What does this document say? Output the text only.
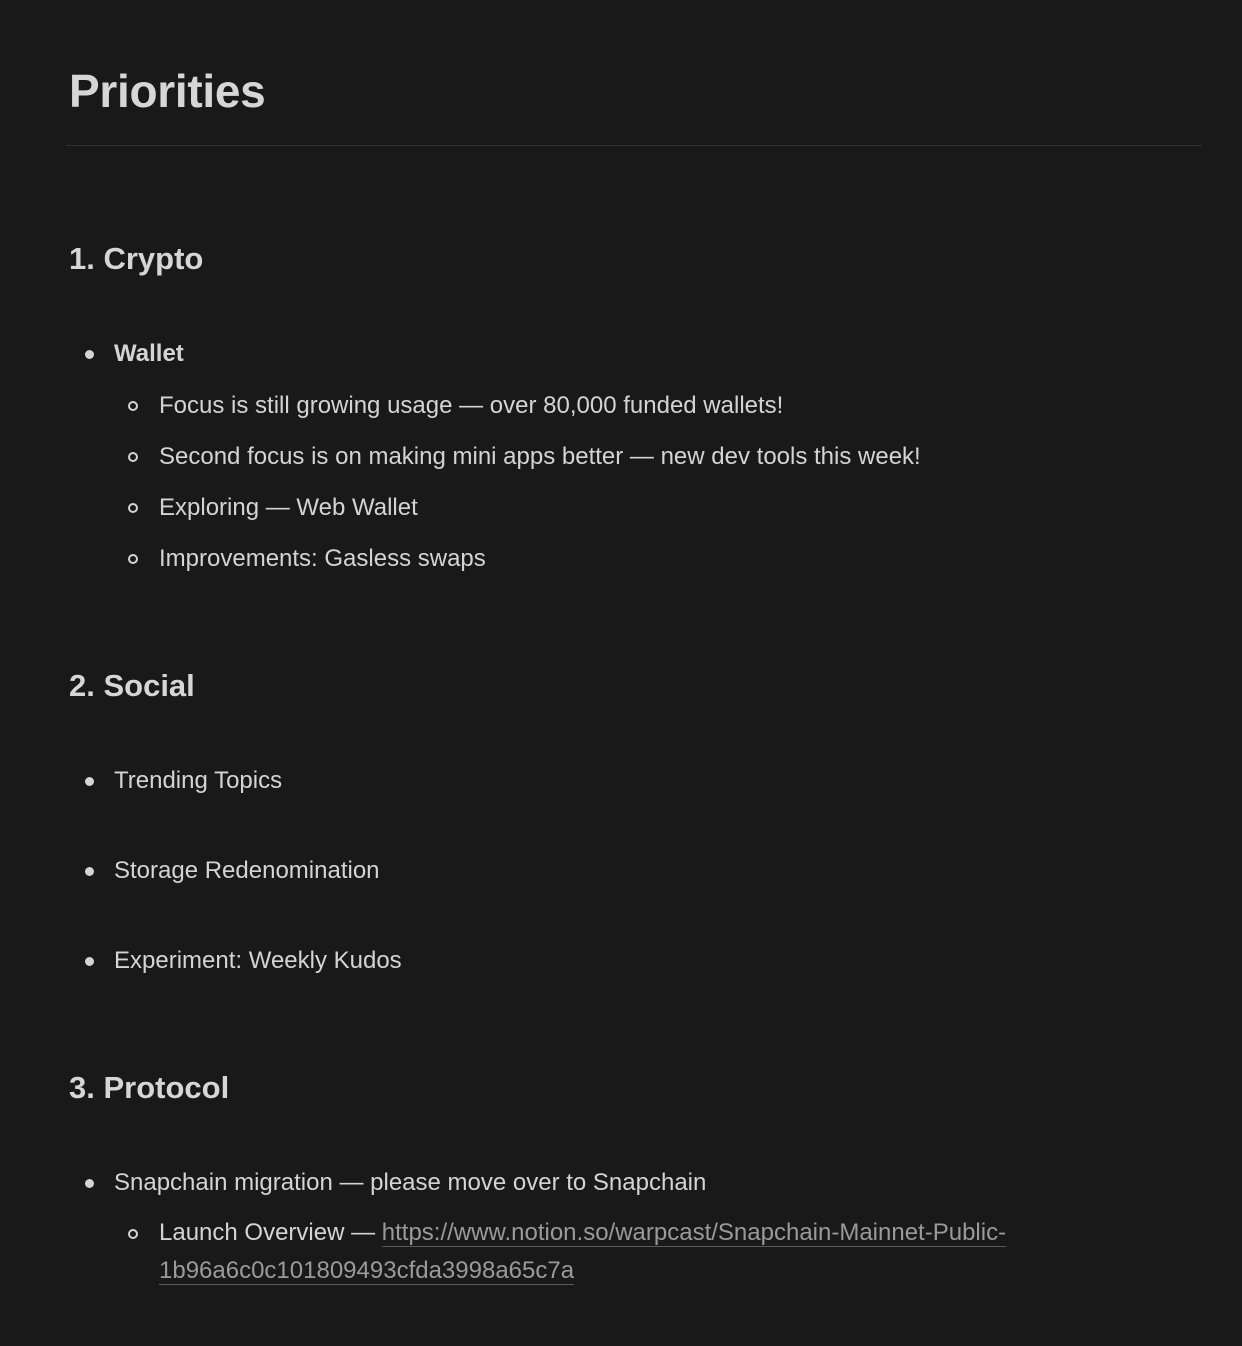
Priorities
1. Crypto
Wallet
Focus is still growing usage — over 80,000 funded wallets!
Second focus is on making mini apps better — new dev tools this week!
Exploring — Web Wallet
Improvements: Gasless swaps
2. Social
Trending Topics
Storage Redenomination
Experiment: Weekly Kudos
3. Protocol
Snapchain migration — please move over to Snapchain
Launch Overview — https://www.notion.so/warpcast/Snapchain-Mainnet-Public-
1b96a6c0c101809493cfda3998a65c7a
